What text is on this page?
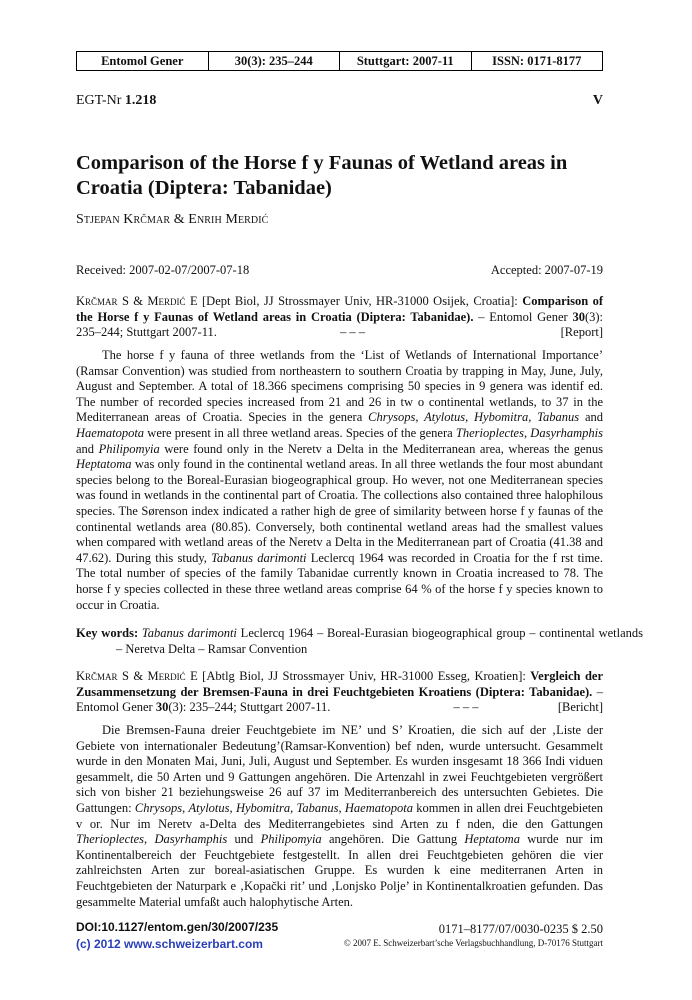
Entomol Gener	30(3): 235–244	Stuttgart: 2007-11	ISSN: 0171-8177
EGT-Nr 1.218	V
Comparison of the Horse f y Faunas of Wetland areas in Croatia (Diptera: Tabanidae)
Stjepan Krčmar & Enrih Merdić
Received: 2007-02-07/2007-07-18	Accepted: 2007-07-19
Krčmar S & Merdić E [Dept Biol, JJ Strossmayer Univ, HR-31000 Osijek, Croatia]: Comparison of the Horse f y Faunas of Wetland areas in Croatia (Diptera: Tabanidae). – Entomol Gener 30(3): 235–244; Stuttgart 2007-11.	– – –	[Report]
The horse f y fauna of three wetlands from the ‘List of Wetlands of International Importance’ (Ramsar Convention) was studied from northeastern to southern Croatia by trapping in May, June, July, August and September. A total of 18.366 specimens comprising 50 species in 9 genera was identif ed. The number of recorded species increased from 21 and 26 in tw o continental wetlands, to 37 in the Mediterranean areas of Croatia. Species in the genera Chrysops, Atylotus, Hybomitra, Tabanus and Haematopota were present in all three wetland areas. Species of the genera Therioplectes, Dasyrhamphis and Philipomyia were found only in the Neretv a Delta in the Mediterranean area, whereas the genus Heptatoma was only found in the continental wetland areas. In all three wetlands the four most abundant species belong to the Boreal-Eurasian biogeographical group. Ho wever, not one Mediterranean species was found in wetlands in the continental part of Croatia. The collections also contained three halophilous species. The Sørenson index indicated a rather high de gree of similarity between horse f y faunas of the continental wetlands area (80.85). Conversely, both continental wetland areas had the smallest values when compared with wetland areas of the Neretv a Delta in the Mediterranean part of Croatia (41.38 and 47.62). During this study, Tabanus darimonti Leclercq 1964 was recorded in Croatia for the f rst time. The total number of species of the family Tabanidae currently known in Croatia increased to 78. The horse f y species collected in these three wetland areas comprise 64 % of the horse f y species known to occur in Croatia.
Key words: Tabanus darimonti Leclercq 1964 – Boreal-Eurasian biogeographical group – continental wetlands – Neretva Delta – Ramsar Convention
Krčmar S & Merdić E [Abtlg Biol, JJ Strossmayer Univ, HR-31000 Esseg, Kroatien]: Vergleich der Zusammensetzung der Bremsen-Fauna in drei Feuchtgebieten Kroatiens (Diptera: Tabanidae). – Entomol Gener 30(3): 235–244; Stuttgart 2007-11.	– – –	[Bericht]
Die Bremsen-Fauna dreier Feuchtgebiete im NE’ und S’ Kroatien, die sich auf der ‚Liste der Gebiete von internationaler Bedeutung’(Ramsar-Konvention) bef nden, wurde untersucht. Gesammelt wurde in den Monaten Mai, Juni, Juli, August und September. Es wurden insgesamt 18 366 Indi viduen gesammelt, die 50 Arten und 9 Gattungen angehören. Die Artenzahl in zwei Feuchtgebieten vergrößert sich von bisher 21 beziehungsweise 26 auf 37 im Mediterranbereich des untersuchten Gebietes. Die Gattungen: Chrysops, Atylotus, Hybomitra, Tabanus, Haematopota kommen in allen drei Feuchtgebieten v or. Nur im Neretv a-Delta des Mediterrangebietes sind Arten zu f nden, die den Gattungen Therioplectes, Dasyrhamphis und Philipomyia angehören. Die Gattung Heptatoma wurde nur im Kontinentalbereich der Feuchtgebiete festgestellt. In allen drei Feuchtgebieten gehören die vier zahlreichsten Arten zur boreal-asiatischen Gruppe. Es wurden k eine mediterranen Arten in Feuchtgebieten der Naturpark e ‚Kopački rit’ und ‚Lonjsko Polje’ in Kontinentalkroatien gefunden. Das gesammelte Material umfaßt auch halophytische Arten.
DOI:10.1127/entom.gen/30/2007/235
(c) 2012 www.schweizerbart.com
0171–8177/07/0030-0235 $ 2.50
© 2007 E. Schweizerbart’sche Verlagsbuchhandlung, D-70176 Stuttgart
